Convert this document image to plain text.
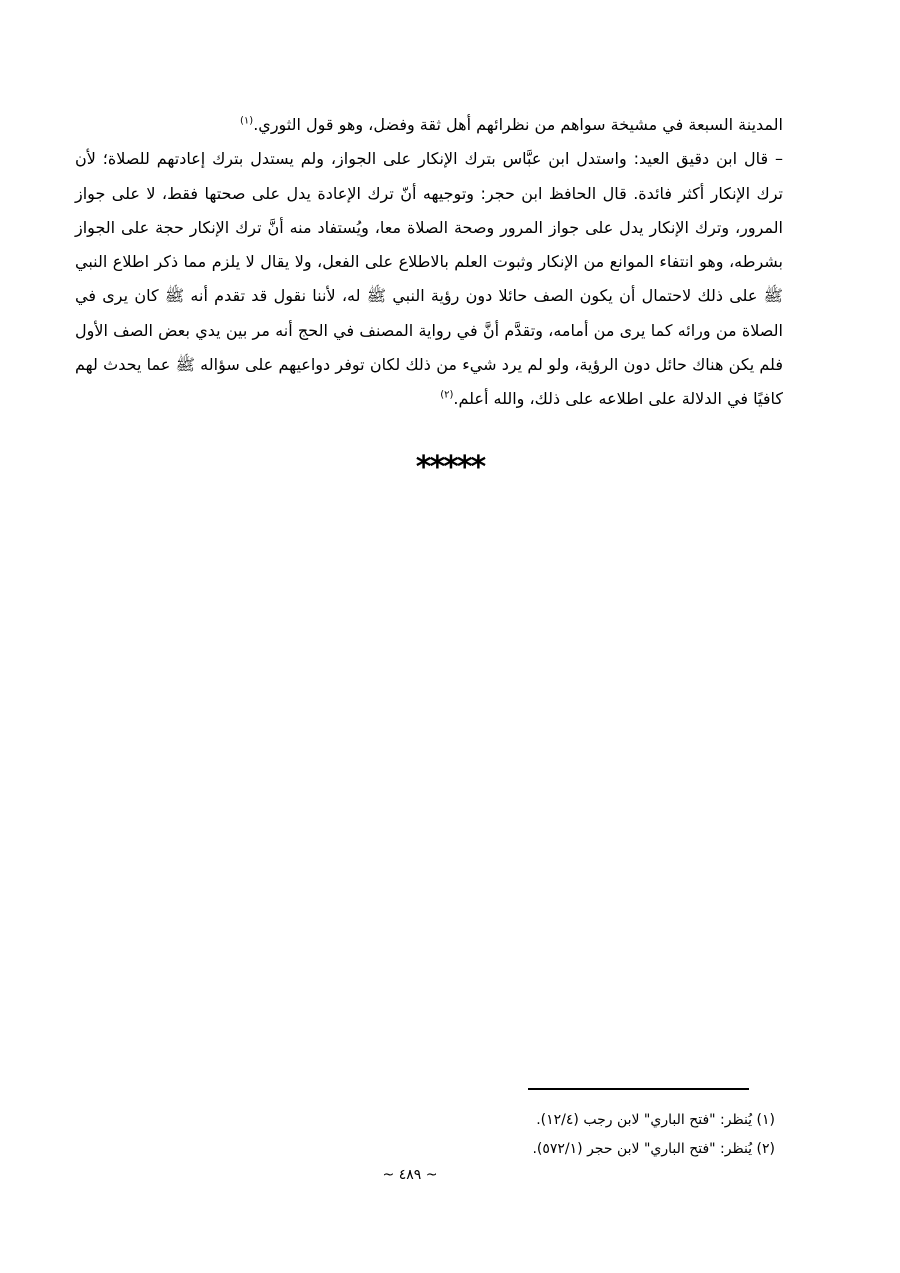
المدينة السبعة في مشيخة سواهم من نظرائهم أهل ثقة وفضل، وهو قول الثوري.$^{(١)}$

– قال ابن دقيق العيد: واستدل ابن عبَّاس بترك الإنكار على الجواز، ولم يستدل بترك إعادتهم للصلاة؛ لأن ترك الإنكار أكثر فائدة. قال الحافظ ابن حجر: وتوجيهه أنّ ترك الإعادة يدل على صحتها فقط، لا على جواز المرور، وترك الإنكار يدل على جواز المرور وصحة الصلاة معا، ويُستفاد منه أنَّ ترك الإنكار حجة على الجواز بشرطه، وهو انتفاء الموانع من الإنكار وثبوت العلم بالاطلاع على الفعل، ولا يقال لا يلزم مما ذكر اطلاع النبي ﷺ على ذلك لاحتمال أن يكون الصف حائلا دون رؤية النبي ﷺ له، لأننا نقول قد تقدم أنه ﷺ كان يرى في الصلاة من ورائه كما يرى من أمامه، وتقدَّم أنَّ في رواية المصنف في الحج أنه مر بين يدي بعض الصف الأول فلم يكن هناك حائل دون الرؤية، ولو لم يرد شيء من ذلك لكان توفر دواعيهم على سؤاله ﷺ عما يحدث لهم كافيًا في الدلالة على اطلاعه على ذلك، والله أعلم.$^{(٢)}$

*****

(١) يُنظر: "فتح الباري" لابن رجب (١٢/٤).

(٢) يُنظر: "فتح الباري" لابن حجر (٥٧٢/١).

~ ٤٨٩ ~
